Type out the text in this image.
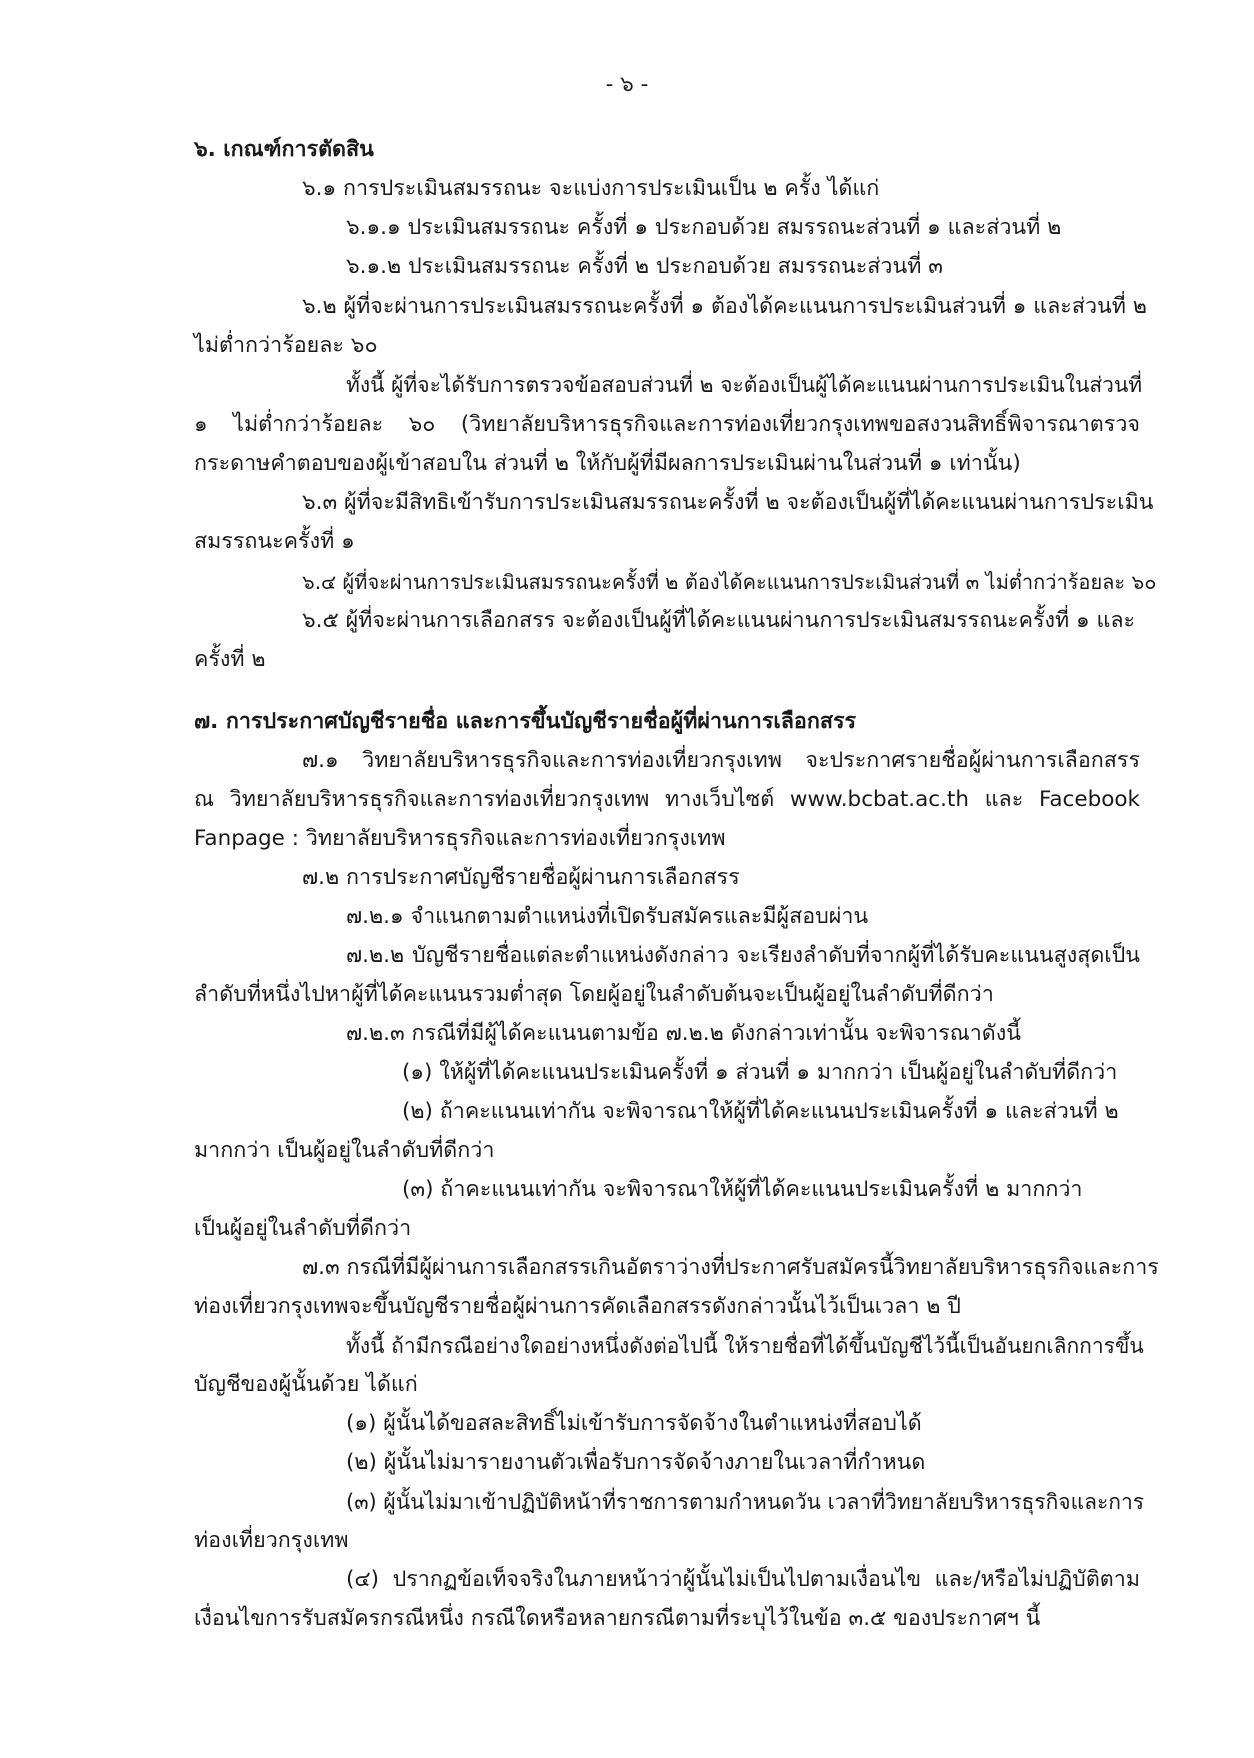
- ๖ -
๖. เกณฑ์การตัดสิน
๖.๑ การประเมินสมรรถนะ จะแบ่งการประเมินเป็น ๒ ครั้ง ได้แก่
๖.๑.๑ ประเมินสมรรถนะ ครั้งที่ ๑ ประกอบด้วย สมรรถนะส่วนที่ ๑ และส่วนที่ ๒
๖.๑.๒ ประเมินสมรรถนะ ครั้งที่ ๒ ประกอบด้วย สมรรถนะส่วนที่ ๓
๖.๒ ผู้ที่จะผ่านการประเมินสมรรถนะครั้งที่ ๑ ต้องได้คะแนนการประเมินส่วนที่ ๑ และส่วนที่ ๒
ไม่ต่ำกว่าร้อยละ ๖๐
ทั้งนี้ ผู้ที่จะได้รับการตรวจข้อสอบส่วนที่ ๒ จะต้องเป็นผู้ได้คะแนนผ่านการประเมินในส่วนที่
๑ ไม่ต่ำกว่าร้อยละ ๖๐ (วิทยาลัยบริหารธุรกิจและการท่องเที่ยวกรุงเทพขอสงวนสิทธิ์พิจารณาตรวจ
กระดาษคำตอบของผู้เข้าสอบใน ส่วนที่ ๒ ให้กับผู้ที่มีผลการประเมินผ่านในส่วนที่ ๑ เท่านั้น)
๖.๓ ผู้ที่จะมีสิทธิเข้ารับการประเมินสมรรถนะครั้งที่ ๒ จะต้องเป็นผู้ที่ได้คะแนนผ่านการประเมิน
สมรรถนะครั้งที่ ๑
๖.๔ ผู้ที่จะผ่านการประเมินสมรรถนะครั้งที่ ๒ ต้องได้คะแนนการประเมินส่วนที่ ๓ ไม่ต่ำกว่าร้อยละ ๖๐
๖.๕ ผู้ที่จะผ่านการเลือกสรร จะต้องเป็นผู้ที่ได้คะแนนผ่านการประเมินสมรรถนะครั้งที่ ๑ และ
ครั้งที่ ๒
๗. การประกาศบัญชีรายชื่อ และการขึ้นบัญชีรายชื่อผู้ที่ผ่านการเลือกสรร
๗.๑ วิทยาลัยบริหารธุรกิจและการท่องเที่ยวกรุงเทพ จะประกาศรายชื่อผู้ผ่านการเลือกสรร
ณ วิทยาลัยบริหารธุรกิจและการท่องเที่ยวกรุงเทพ ทางเว็บไซต์ www.bcbat.ac.th และ Facebook
Fanpage : วิทยาลัยบริหารธุรกิจและการท่องเที่ยวกรุงเทพ
๗.๒ การประกาศบัญชีรายชื่อผู้ผ่านการเลือกสรร
๗.๒.๑ จำแนกตามตำแหน่งที่เปิดรับสมัครและมีผู้สอบผ่าน
๗.๒.๒ บัญชีรายชื่อแต่ละตำแหน่งดังกล่าว จะเรียงลำดับที่จากผู้ที่ได้รับคะแนนสูงสุดเป็น
ลำดับที่หนึ่งไปหาผู้ที่ได้คะแนนรวมต่ำสุด โดยผู้อยู่ในลำดับต้นจะเป็นผู้อยู่ในลำดับที่ดีกว่า
๗.๒.๓ กรณีที่มีผู้ได้คะแนนตามข้อ ๗.๒.๒ ดังกล่าวเท่านั้น จะพิจารณาดังนี้
(๑) ให้ผู้ที่ได้คะแนนประเมินครั้งที่ ๑ ส่วนที่ ๑ มากกว่า เป็นผู้อยู่ในลำดับที่ดีกว่า
(๒) ถ้าคะแนนเท่ากัน จะพิจารณาให้ผู้ที่ได้คะแนนประเมินครั้งที่ ๑ และส่วนที่ ๒
มากกว่า เป็นผู้อยู่ในลำดับที่ดีกว่า
(๓) ถ้าคะแนนเท่ากัน จะพิจารณาให้ผู้ที่ได้คะแนนประเมินครั้งที่ ๒ มากกว่า
เป็นผู้อยู่ในลำดับที่ดีกว่า
๗.๓ กรณีที่มีผู้ผ่านการเลือกสรรเกินอัตราว่างที่ประกาศรับสมัครนี้วิทยาลัยบริหารธุรกิจและการ
ท่องเที่ยวกรุงเทพจะขึ้นบัญชีรายชื่อผู้ผ่านการคัดเลือกสรรดังกล่าวนั้นไว้เป็นเวลา ๒ ปี
ทั้งนี้ ถ้ามีกรณีอย่างใดอย่างหนึ่งดังต่อไปนี้ ให้รายชื่อที่ได้ขึ้นบัญชีไว้นี้เป็นอันยกเลิกการขึ้น
บัญชีของผู้นั้นด้วย ได้แก่
(๑) ผู้นั้นได้ขอสละสิทธิ์ไม่เข้ารับการจัดจ้างในตำแหน่งที่สอบได้
(๒) ผู้นั้นไม่มารายงานตัวเพื่อรับการจัดจ้างภายในเวลาที่กำหนด
(๓) ผู้นั้นไม่มาเข้าปฏิบัติหน้าที่ราชการตามกำหนดวัน เวลาที่วิทยาลัยบริหารธุรกิจและการ
ท่องเที่ยวกรุงเทพ
(๔) ปรากฏข้อเท็จจริงในภายหน้าว่าผู้นั้นไม่เป็นไปตามเงื่อนไข และ/หรือไม่ปฏิบัติตาม
เงื่อนไขการรับสมัครกรณีหนึ่ง กรณีใดหรือหลายกรณีตามที่ระบุไว้ในข้อ ๓.๕ ของประกาศฯ นี้
